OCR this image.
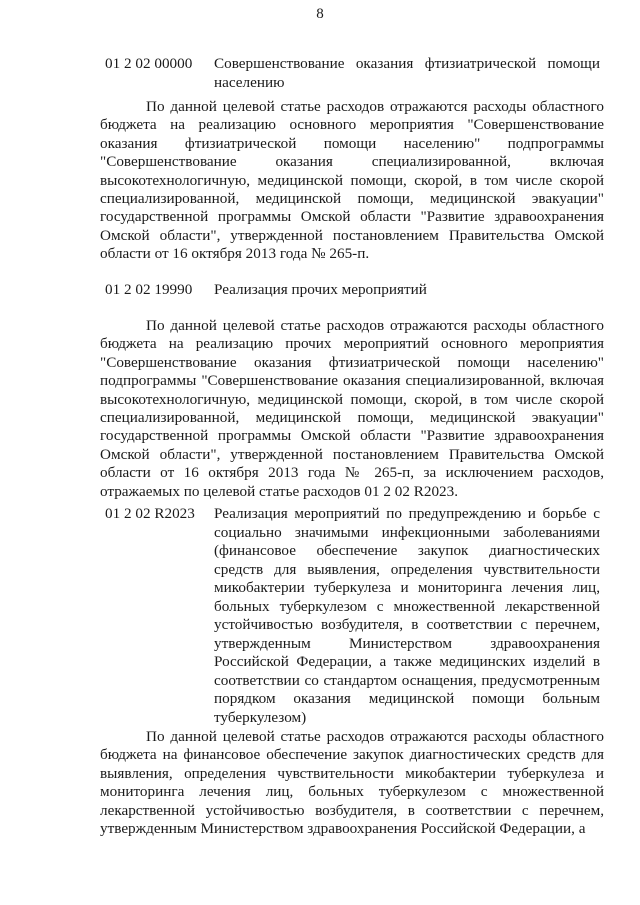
8
01 2 02 00000 Совершенствование оказания фтизиатрической помощи населению

По данной целевой статье расходов отражаются расходы областного бюджета на реализацию основного мероприятия "Совершенствование оказания фтизиатрической помощи населению" подпрограммы "Совершенствование оказания специализированной, включая высокотехнологичную, медицинской помощи, скорой, в том числе скорой специализированной, медицинской помощи, медицинской эвакуации" государственной программы Омской области "Развитие здравоохранения Омской области", утвержденной постановлением Правительства Омской области от 16 октября 2013 года № 265-п.

01 2 02 19990 Реализация прочих мероприятий

По данной целевой статье расходов отражаются расходы областного бюджета на реализацию прочих мероприятий основного мероприятия "Совершенствование оказания фтизиатрической помощи населению" подпрограммы "Совершенствование оказания специализированной, включая высокотехнологичную, медицинской помощи, скорой, в том числе скорой специализированной, медицинской помощи, медицинской эвакуации" государственной программы Омской области "Развитие здравоохранения Омской области", утвержденной постановлением Правительства Омской области от 16 октября 2013 года № 265-п, за исключением расходов, отражаемых по целевой статье расходов 01 2 02 R2023.

01 2 02 R2023 Реализация мероприятий по предупреждению и борьбе с социально значимыми инфекционными заболеваниями (финансовое обеспечение закупок диагностических средств для выявления, определения чувствительности микобактерии туберкулеза и мониторинга лечения лиц, больных туберкулезом с множественной лекарственной устойчивостью возбудителя, в соответствии с перечнем, утвержденным Министерством здравоохранения Российской Федерации, а также медицинских изделий в соответствии со стандартом оснащения, предусмотренным порядком оказания медицинской помощи больным туберкулезом)

По данной целевой статье расходов отражаются расходы областного бюджета на финансовое обеспечение закупок диагностических средств для выявления, определения чувствительности микобактерии туберкулеза и мониторинга лечения лиц, больных туберкулезом с множественной лекарственной устойчивостью возбудителя, в соответствии с перечнем, утвержденным Министерством здравоохранения Российской Федерации, а
